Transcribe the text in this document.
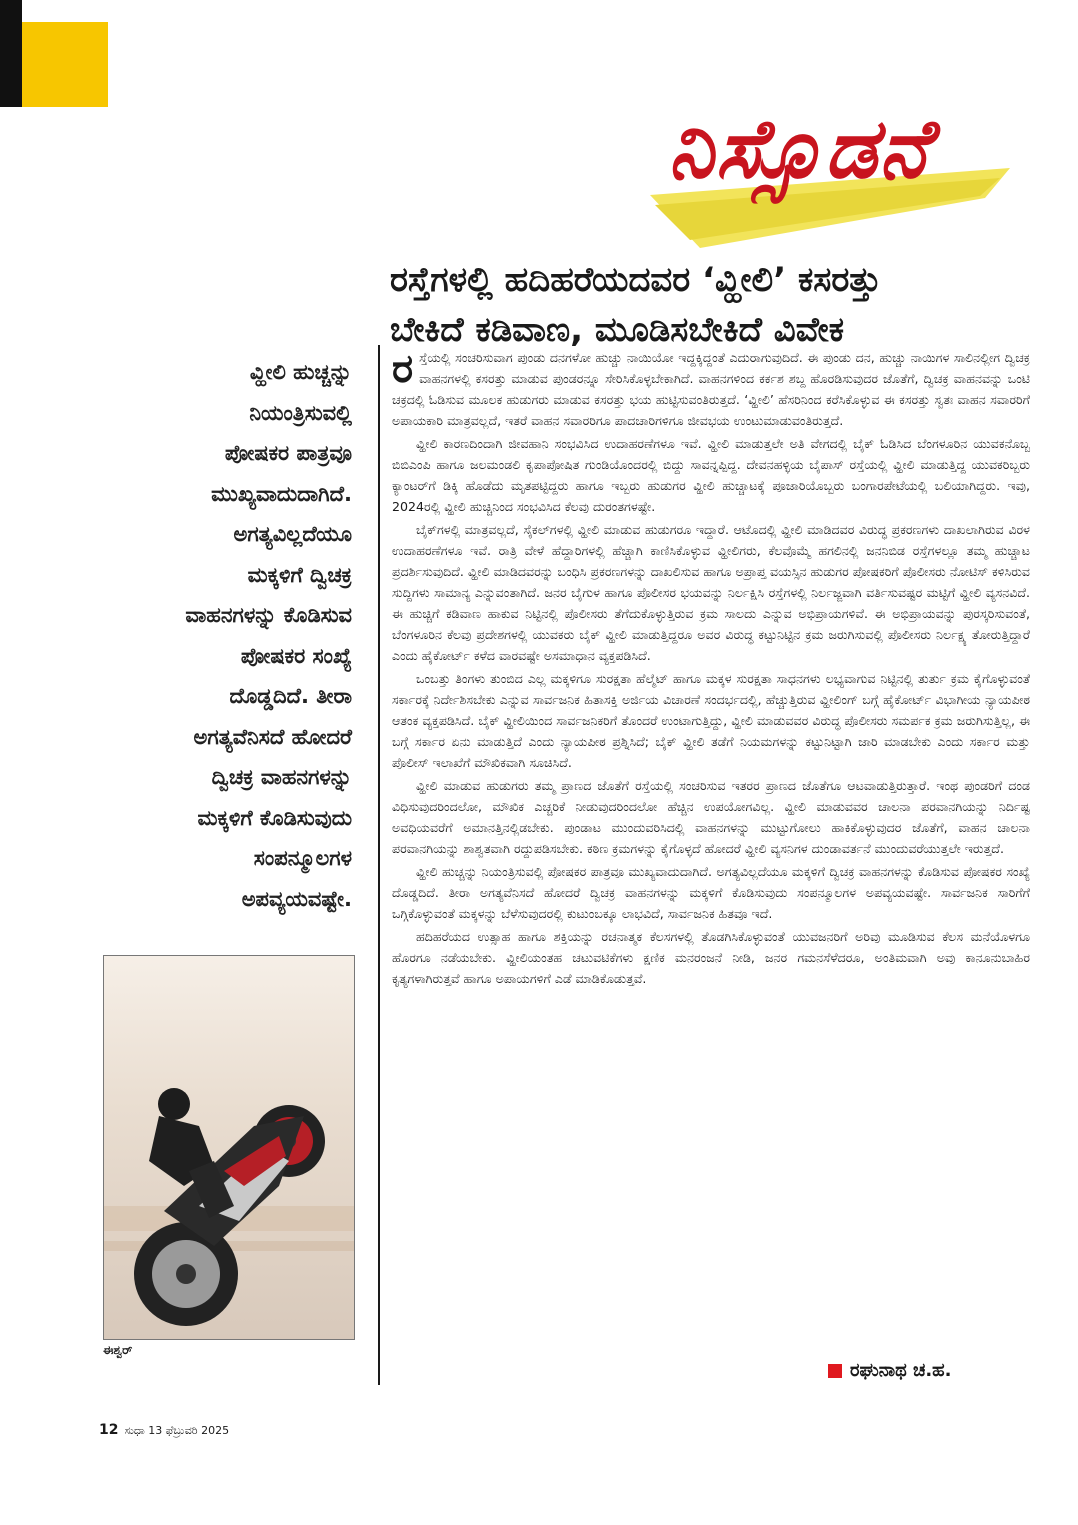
ನಿಸ್ಸೊಡನೆ
ರಸ್ತೆಗಳಲ್ಲಿ ಹದಿಹರೆಯದವರ ‘ವ್ಹೀಲಿ’ ಕಸರತ್ತು
ಬೇಕಿದೆ ಕಡಿವಾಣ, ಮೂಡಿಸಬೇಕಿದೆ ವಿವೇಕ
ವ್ಹೀಲಿ ಹುಚ್ಚನ್ನು
ನಿಯಂತ್ರಿಸುವಲ್ಲಿ
ಪೋಷಕರ ಪಾತ್ರವೂ
ಮುಖ್ಯವಾದುದಾಗಿದೆ.
ಅಗತ್ಯವಿಲ್ಲದೆಯೂ
ಮಕ್ಕಳಿಗೆ ದ್ವಿಚಕ್ರ
ವಾಹನಗಳನ್ನು ಕೊಡಿಸುವ
ಪೋಷಕರ ಸಂಖ್ಯೆ
ದೊಡ್ಡದಿದೆ. ತೀರಾ
ಅಗತ್ಯವೆನಿಸದೆ ಹೋದರೆ
ದ್ವಿಚಕ್ರ ವಾಹನಗಳನ್ನು
ಮಕ್ಕಳಿಗೆ ಕೊಡಿಸುವುದು
ಸಂಪನ್ಮೂಲಗಳ
ಅಪವ್ಯಯವಷ್ಟೇ.
ಈಶ್ವರ್

ರಸ್ತೆಯಲ್ಲಿ ಸಂಚರಿಸುವಾಗ ಪುಂಡು ದನಗಳೋ ಹುಚ್ಚು ನಾಯಿಯೋ ಇದ್ದಕ್ಕಿದ್ದಂತೆ ಎದುರಾಗುವುದಿದೆ. ಈ ಪುಂಡು ದನ, ಹುಚ್ಚು ನಾಯಿಗಳ ಸಾಲಿನಲ್ಲೀಗ ದ್ವಿಚಕ್ರ ವಾಹನಗಳಲ್ಲಿ ಕಸರತ್ತು ಮಾಡುವ ಪುಂಡರನ್ನೂ ಸೇರಿಸಿಕೊಳ್ಳಬೇಕಾಗಿದೆ. ವಾಹನಗಳಿಂದ ಕರ್ಕಶ ಶಬ್ದ ಹೊರಡಿಸುವುದರ ಜೊತೆಗೆ, ದ್ವಿಚಕ್ರ ವಾಹನವನ್ನು ಒಂಟಿ ಚಕ್ರದಲ್ಲಿ ಓಡಿಸುವ ಮೂಲಕ ಹುಡುಗರು ಮಾಡುವ ಕಸರತ್ತು ಭಯ ಹುಟ್ಟಿಸುವಂತಿರುತ್ತದೆ. ‘ವ್ಹೀಲಿ’ ಹೆಸರಿನಿಂದ ಕರೆಸಿಕೊಳ್ಳುವ ಈ ಕಸರತ್ತು ಸ್ವತಃ ವಾಹನ ಸವಾರರಿಗೆ ಅಪಾಯಕಾರಿ ಮಾತ್ರವಲ್ಲದೆ, ಇತರೆ ವಾಹನ ಸವಾರರಿಗೂ ಪಾದಚಾರಿಗಳಿಗೂ ಜೀವಭಯ ಉಂಟುಮಾಡುವಂತಿರುತ್ತದೆ.

ವ್ಹೀಲಿ ಕಾರಣದಿಂದಾಗಿ ಜೀವಹಾನಿ ಸಂಭವಿಸಿದ ಉದಾಹರಣೆಗಳೂ ಇವೆ. ವ್ಹೀಲಿ ಮಾಡುತ್ತಲೇ ಅತಿ ವೇಗದಲ್ಲಿ ಬೈಕ್ ಓಡಿಸಿದ ಬೆಂಗಳೂರಿನ ಯುವಕನೊಬ್ಬ ಬಿಬಿಎಂಪಿ ಹಾಗೂ ಜಲಮಂಡಲಿ ಕೃಪಾಪೋಷಿತ ಗುಂಡಿಯೊಂದರಲ್ಲಿ ಬಿದ್ದು ಸಾವನ್ನಪ್ಪಿದ್ದ. ದೇವನಹಳ್ಳಿಯ ಬೈಪಾಸ್ ರಸ್ತೆಯಲ್ಲಿ ವ್ಹೀಲಿ ಮಾಡುತ್ತಿದ್ದ ಯುವಕರಿಬ್ಬರು ಕ್ಯಾಂಟರ್‌ಗೆ ಡಿಕ್ಕಿ ಹೊಡೆದು ಮೃತಪಟ್ಟಿದ್ದರು ಹಾಗೂ ಇಬ್ಬರು ಹುಡುಗರ ವ್ಹೀಲಿ ಹುಚ್ಚಾಟಕ್ಕೆ ಪೂಜಾರಿಯೊಬ್ಬರು ಬಂಗಾರಪೇಟೆಯಲ್ಲಿ ಬಲಿಯಾಗಿದ್ದರು. ಇವು, 2024ರಲ್ಲಿ ವ್ಹೀಲಿ ಹುಚ್ಚಿನಿಂದ ಸಂಭವಿಸಿದ ಕೆಲವು ದುರಂತಗಳಷ್ಟೇ.

ಬೈಕ್‌ಗಳಲ್ಲಿ ಮಾತ್ರವಲ್ಲದೆ, ಸೈಕಲ್‌ಗಳಲ್ಲಿ ವ್ಹೀಲಿ ಮಾಡುವ ಹುಡುಗರೂ ಇದ್ದಾರೆ. ಆಟೊದಲ್ಲಿ ವ್ಹೀಲಿ ಮಾಡಿದವರ ವಿರುದ್ಧ ಪ್ರಕರಣಗಳು ದಾಖಲಾಗಿರುವ ವಿರಳ ಉದಾಹರಣೆಗಳೂ ಇವೆ. ರಾತ್ರಿ ವೇಳೆ ಹೆದ್ದಾರಿಗಳಲ್ಲಿ ಹೆಚ್ಚಾಗಿ ಕಾಣಿಸಿಕೊಳ್ಳುವ ವ್ಹೀಲಿಗರು, ಕೆಲವೊಮ್ಮೆ ಹಗಲಿನಲ್ಲಿ ಜನನಿಬಿಡ ರಸ್ತೆಗಳಲ್ಲೂ ತಮ್ಮ ಹುಚ್ಚಾಟ ಪ್ರದರ್ಶಿಸುವುದಿದೆ. ವ್ಹೀಲಿ ಮಾಡಿದವರನ್ನು ಬಂಧಿಸಿ ಪ್ರಕರಣಗಳನ್ನು ದಾಖಲಿಸುವ ಹಾಗೂ ಅಪ್ರಾಪ್ತ ವಯಸ್ಸಿನ ಹುಡುಗರ ಪೋಷಕರಿಗೆ ಪೊಲೀಸರು ನೋಟಿಸ್ ಕಳಿಸಿರುವ ಸುದ್ದಿಗಳು ಸಾಮಾನ್ಯ ಎನ್ನುವಂತಾಗಿದೆ. ಜನರ ಬೈಗುಳ ಹಾಗೂ ಪೊಲೀಸರ ಭಯವನ್ನು ನಿರ್ಲಕ್ಷಿಸಿ ರಸ್ತೆಗಳಲ್ಲಿ ನಿರ್ಲಜ್ಜವಾಗಿ ವರ್ತಿಸುವಷ್ಟರ ಮಟ್ಟಿಗೆ ವ್ಹೀಲಿ ವ್ಯಸನವಿದೆ. ಈ ಹುಚ್ಚಿಗೆ ಕಡಿವಾಣ ಹಾಕುವ ನಿಟ್ಟಿನಲ್ಲಿ ಪೊಲೀಸರು ತೆಗೆದುಕೊಳ್ಳುತ್ತಿರುವ ಕ್ರಮ ಸಾಲದು ಎನ್ನುವ ಅಭಿಪ್ರಾಯಗಳಿವೆ. ಈ ಅಭಿಪ್ರಾಯವನ್ನು ಪುರಸ್ಕರಿಸುವಂತೆ, ಬೆಂಗಳೂರಿನ ಕೆಲವು ಪ್ರದೇಶಗಳಲ್ಲಿ ಯುವಕರು ಬೈಕ್ ವ್ಹೀಲಿ ಮಾಡುತ್ತಿದ್ದರೂ ಅವರ ವಿರುದ್ಧ ಕಟ್ಟುನಿಟ್ಟಿನ ಕ್ರಮ ಜರುಗಿಸುವಲ್ಲಿ ಪೊಲೀಸರು ನಿರ್ಲಕ್ಷ್ಯ ತೋರುತ್ತಿದ್ದಾರೆ ಎಂದು ಹೈಕೋರ್ಟ್ ಕಳೆದ ವಾರವಷ್ಟೇ ಅಸಮಾಧಾನ ವ್ಯಕ್ತಪಡಿಸಿದೆ.

ಒಂಬತ್ತು ತಿಂಗಳು ತುಂಬಿದ ಎಲ್ಲ ಮಕ್ಕಳಿಗೂ ಸುರಕ್ಷತಾ ಹೆಲ್ಮೆಟ್ ಹಾಗೂ ಮಕ್ಕಳ ಸುರಕ್ಷತಾ ಸಾಧನಗಳು ಲಭ್ಯವಾಗುವ ನಿಟ್ಟಿನಲ್ಲಿ ತುರ್ತು ಕ್ರಮ ಕೈಗೊಳ್ಳುವಂತೆ ಸರ್ಕಾರಕ್ಕೆ ನಿರ್ದೇಶಿಸಬೇಕು ಎನ್ನುವ ಸಾರ್ವಜನಿಕ ಹಿತಾಸಕ್ತಿ ಅರ್ಜಿಯ ವಿಚಾರಣೆ ಸಂದರ್ಭದಲ್ಲಿ, ಹೆಚ್ಚುತ್ತಿರುವ ವ್ಹೀಲಿಂಗ್ ಬಗ್ಗೆ ಹೈಕೋರ್ಟ್ ವಿಭಾಗೀಯ ನ್ಯಾಯಪೀಠ ಆತಂಕ ವ್ಯಕ್ತಪಡಿಸಿದೆ. ಬೈಕ್ ವ್ಹೀಲಿಯಿಂದ ಸಾರ್ವಜನಿಕರಿಗೆ ತೊಂದರೆ ಉಂಟಾಗುತ್ತಿದ್ದು, ವ್ಹೀಲಿ ಮಾಡುವವರ ವಿರುದ್ಧ ಪೊಲೀಸರು ಸಮರ್ಪಕ ಕ್ರಮ ಜರುಗಿಸುತ್ತಿಲ್ಲ, ಈ ಬಗ್ಗೆ ಸರ್ಕಾರ ಏನು ಮಾಡುತ್ತಿದೆ ಎಂದು ನ್ಯಾಯಪೀಠ ಪ್ರಶ್ನಿಸಿದೆ; ಬೈಕ್ ವ್ಹೀಲಿ ತಡೆಗೆ ನಿಯಮಗಳನ್ನು ಕಟ್ಟುನಿಟ್ಟಾಗಿ ಜಾರಿ ಮಾಡಬೇಕು ಎಂದು ಸರ್ಕಾರ ಮತ್ತು ಪೊಲೀಸ್ ಇಲಾಖೆಗೆ ಮೌಖಿಕವಾಗಿ ಸೂಚಿಸಿದೆ.

ವ್ಹೀಲಿ ಮಾಡುವ ಹುಡುಗರು ತಮ್ಮ ಪ್ರಾಣದ ಜೊತೆಗೆ ರಸ್ತೆಯಲ್ಲಿ ಸಂಚರಿಸುವ ಇತರರ ಪ್ರಾಣದ ಜೊತೆಗೂ ಆಟವಾಡುತ್ತಿರುತ್ತಾರೆ. ಇಂಥ ಪುಂಡರಿಗೆ ದಂಡ ವಿಧಿಸುವುದರಿಂದಲೋ, ಮೌಖಿಕ ಎಚ್ಚರಿಕೆ ನೀಡುವುದರಿಂದಲೋ ಹೆಚ್ಚಿನ ಉಪಯೋಗವಿಲ್ಲ. ವ್ಹೀಲಿ ಮಾಡುವವರ ಚಾಲನಾ ಪರವಾನಗಿಯನ್ನು ನಿರ್ದಿಷ್ಟ ಅವಧಿಯವರೆಗೆ ಅಮಾನತ್ತಿನಲ್ಲಿಡಬೇಕು. ಪುಂಡಾಟ ಮುಂದುವರಿಸಿದಲ್ಲಿ ವಾಹನಗಳನ್ನು ಮುಟ್ಟುಗೋಲು ಹಾಕಿಕೊಳ್ಳುವುದರ ಜೊತೆಗೆ, ವಾಹನ ಚಾಲನಾ ಪರವಾನಗಿಯನ್ನು ಶಾಶ್ವತವಾಗಿ ರದ್ದುಪಡಿಸಬೇಕು. ಕಠಿಣ ಕ್ರಮಗಳನ್ನು ಕೈಗೊಳ್ಳದೆ ಹೋದರೆ ವ್ಹೀಲಿ ವ್ಯಸನಿಗಳ ದುಂಡಾವರ್ತನೆ ಮುಂದುವರೆಯುತ್ತಲೇ ಇರುತ್ತದೆ.

ವ್ಹೀಲಿ ಹುಚ್ಚನ್ನು ನಿಯಂತ್ರಿಸುವಲ್ಲಿ ಪೋಷಕರ ಪಾತ್ರವೂ ಮುಖ್ಯವಾದುದಾಗಿದೆ. ಅಗತ್ಯವಿಲ್ಲದೆಯೂ ಮಕ್ಕಳಿಗೆ ದ್ವಿಚಕ್ರ ವಾಹನಗಳನ್ನು ಕೊಡಿಸುವ ಪೋಷಕರ ಸಂಖ್ಯೆ ದೊಡ್ಡದಿದೆ. ತೀರಾ ಅಗತ್ಯವೆನಿಸದೆ ಹೋದರೆ ದ್ವಿಚಕ್ರ ವಾಹನಗಳನ್ನು ಮಕ್ಕಳಿಗೆ ಕೊಡಿಸುವುದು ಸಂಪನ್ಮೂಲಗಳ ಅಪವ್ಯಯವಷ್ಟೇ. ಸಾರ್ವಜನಿಕ ಸಾರಿಗೆಗೆ ಒಗ್ಗಿಕೊಳ್ಳುವಂತೆ ಮಕ್ಕಳನ್ನು ಬೆಳೆಸುವುದರಲ್ಲಿ ಕುಟುಂಬಕ್ಕೂ ಲಾಭವಿದೆ, ಸಾರ್ವಜನಿಕ ಹಿತವೂ ಇದೆ.

ಹದಿಹರೆಯದ ಉತ್ಸಾಹ ಹಾಗೂ ಶಕ್ತಿಯನ್ನು ರಚನಾತ್ಮಕ ಕೆಲಸಗಳಲ್ಲಿ ತೊಡಗಿಸಿಕೊಳ್ಳುವಂತೆ ಯುವಜನರಿಗೆ ಅರಿವು ಮೂಡಿಸುವ ಕೆಲಸ ಮನೆಯೊಳಗೂ ಹೊರಗೂ ನಡೆಯಬೇಕು. ವ್ಹೀಲಿಯಂತಹ ಚಟುವಟಿಕೆಗಳು ಕ್ಷಣಿಕ ಮನರಂಜನೆ ನೀಡಿ, ಜನರ ಗಮನಸೆಳೆದರೂ, ಅಂತಿಮವಾಗಿ ಅವು ಕಾನೂನುಬಾಹಿರ ಕೃತ್ಯಗಳಾಗಿರುತ್ತವೆ ಹಾಗೂ ಅಪಾಯಗಳಿಗೆ ಎಡೆ ಮಾಡಿಕೊಡುತ್ತವೆ.

ರಘುನಾಥ ಚ.ಹ.
12 ಸುಧಾ 13 ಫೆಬ್ರುವರಿ 2025
